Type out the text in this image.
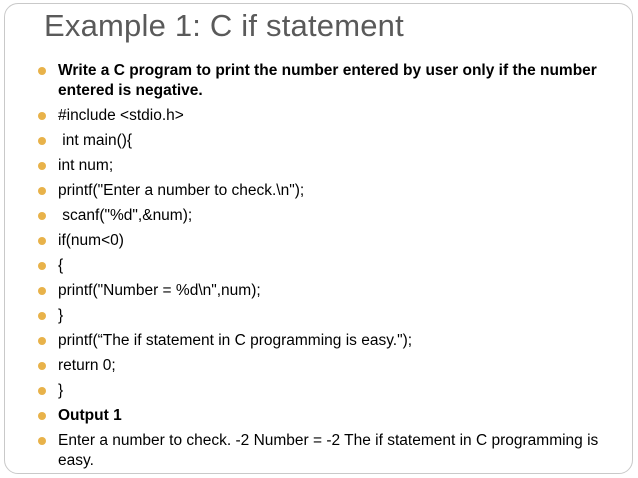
Example 1: C if statement
Write a C program to print the number entered by user only if the number entered is negative.
#include <stdio.h>
int main(){
int num;
printf("Enter a number to check.\n");
scanf("%d",&num);
if(num<0)
{
printf("Number = %d\n",num);
}
printf(“The if statement in C programming is easy.");
return 0;
}
Output 1
Enter a number to check. -2 Number = -2 The if statement in C programming is easy.
